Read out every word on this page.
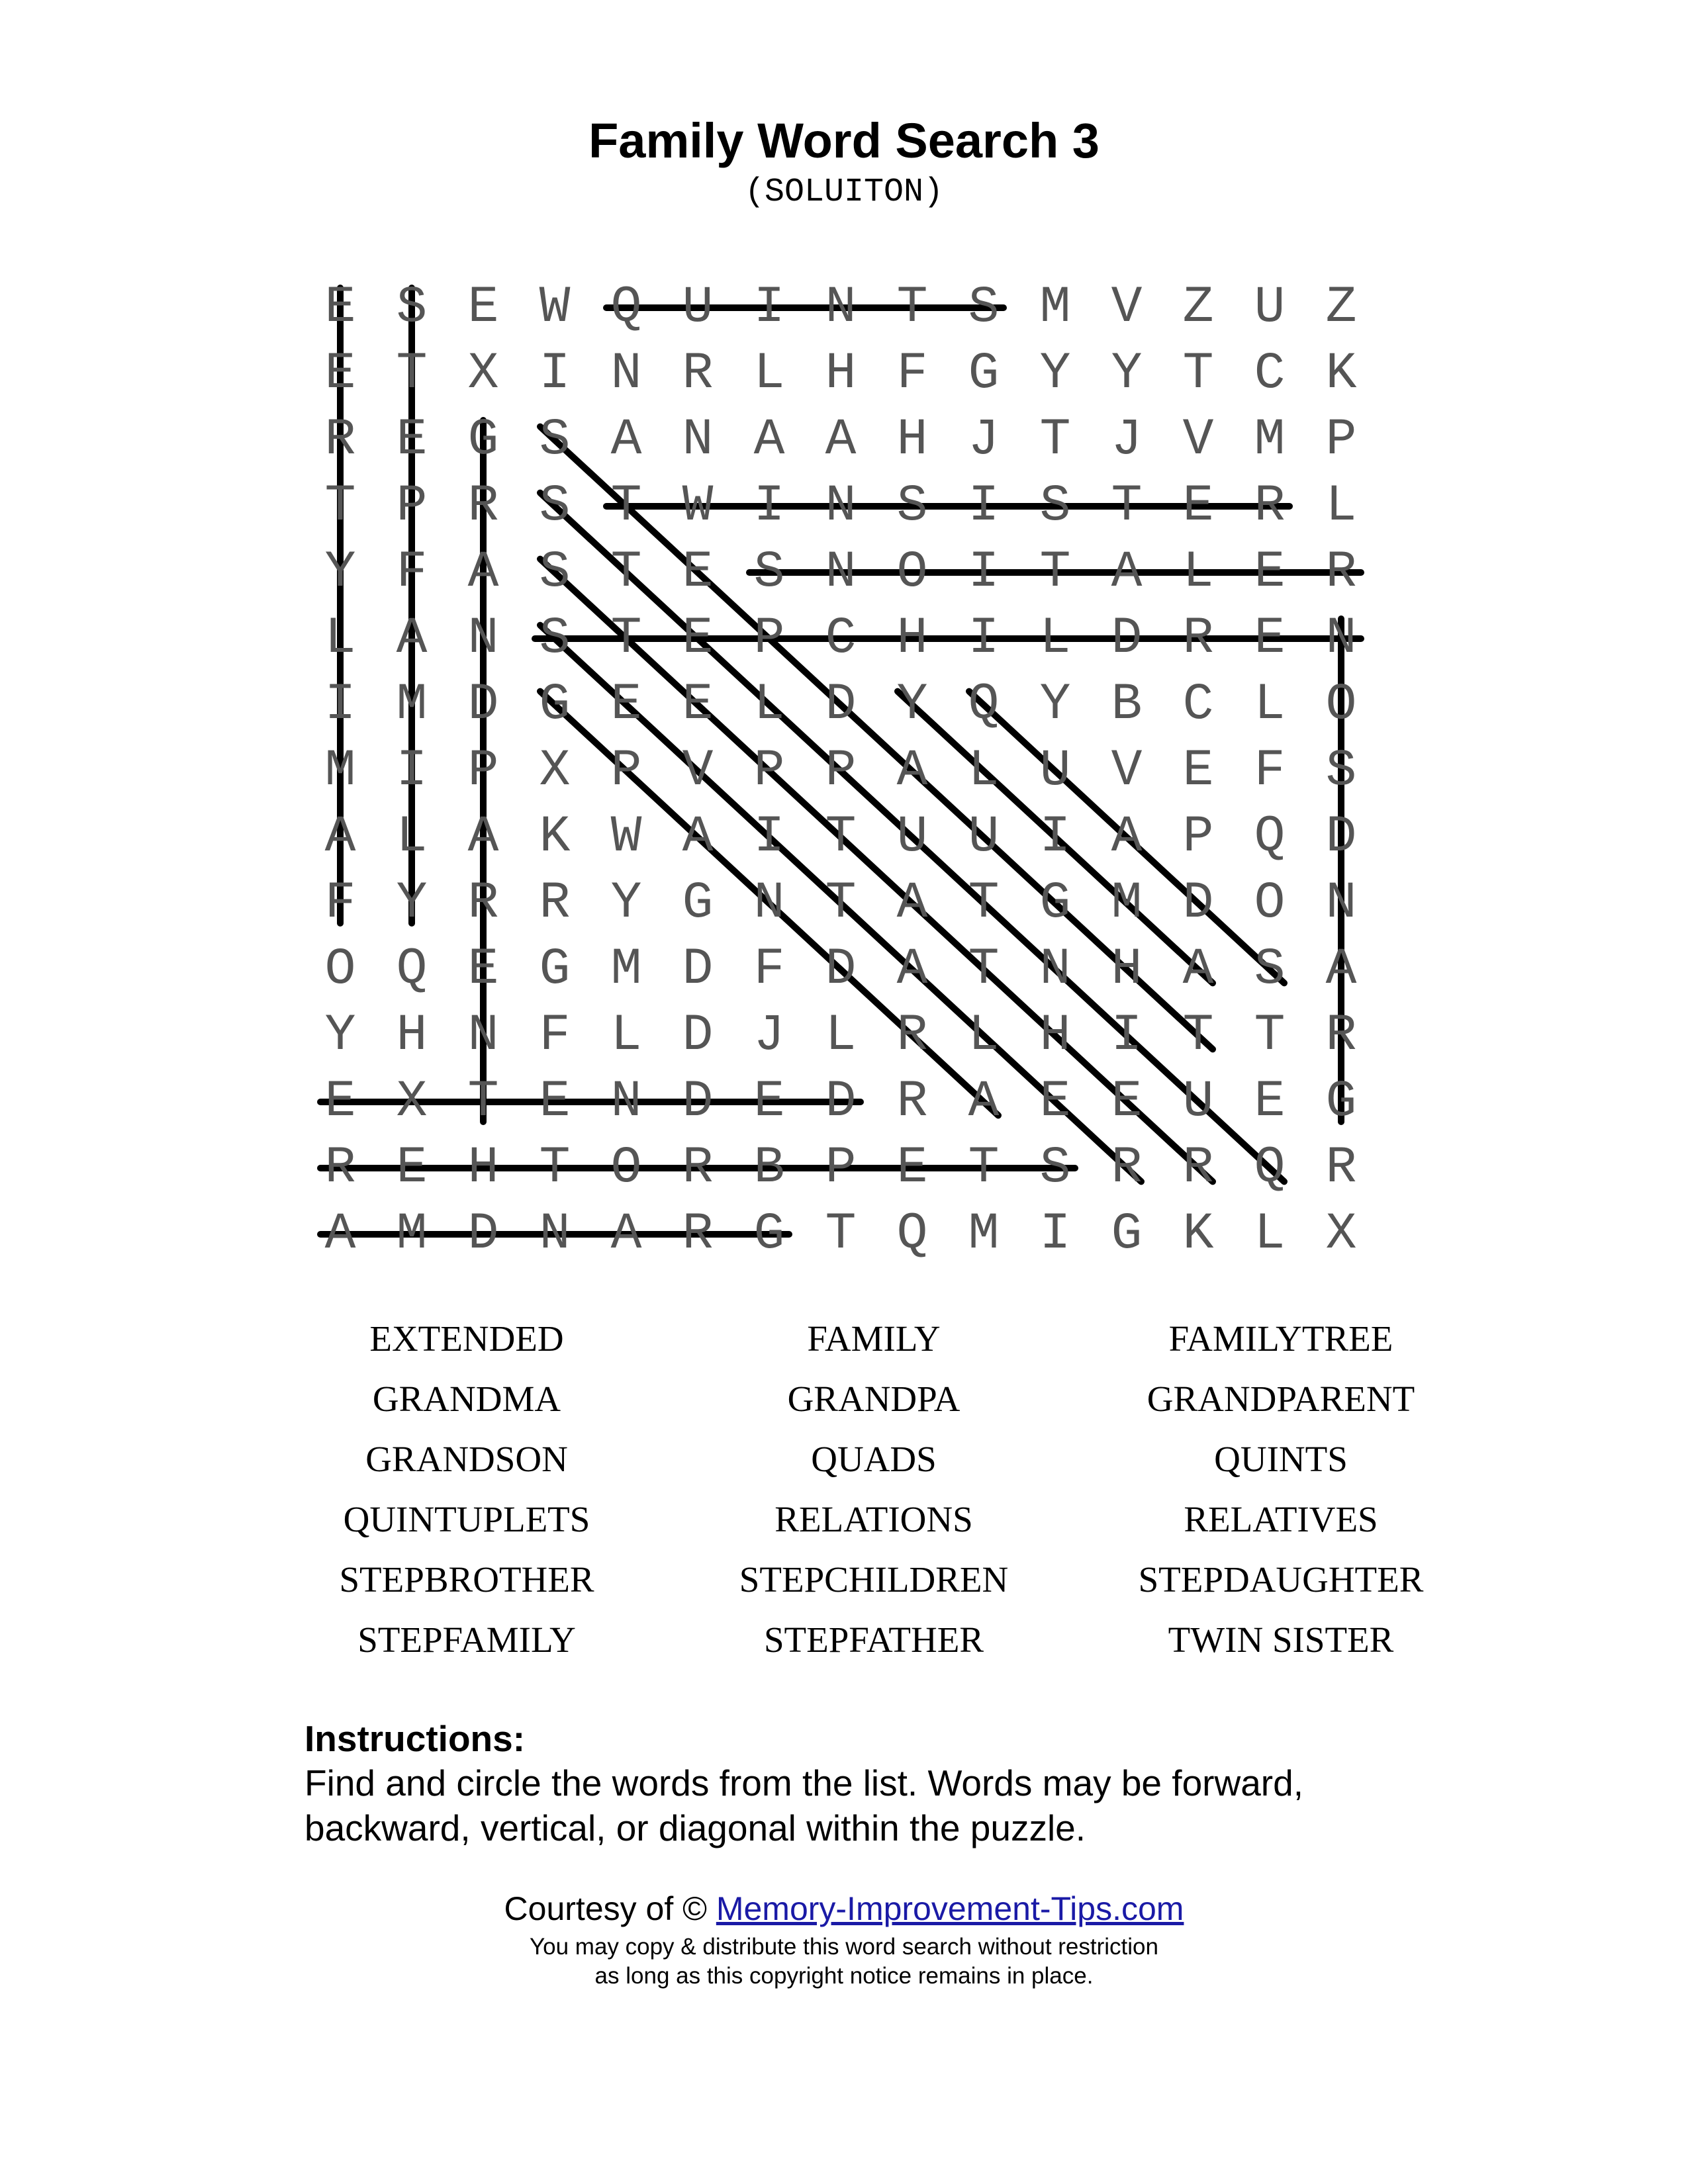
Family Word Search 3
(SOLUITON)
E S E W Q U I N T S M V Z U Z
E T X I N R L H F G Y Y T C K
R E G S A N A A H J T J V M P
T P R S T W I N S I S T E R L
Y F A S T E S N O I T A L E R
L A N S T E P C H I L D R E N
I M D G E E L D Y Q Y B C L O
M I P X P V P P A L U V E F S
A L A K W A I T U U I A P Q D
F Y R R Y G N T A T G M D O N
O Q E G M D F D A T N H A S A
Y H N F L D J L R L H I T T R
E X T E N D E D R A E E U E G
R E H T O R B P E T S R R Q R
A M D N A R G T Q M I G K L X
EXTENDED	FAMILY	FAMILYTREE
GRANDMA	GRANDPA	GRANDPARENT
GRANDSON	QUADS	QUINTS
QUINTUPLETS	RELATIONS	RELATIVES
STEPBROTHER	STEPCHILDREN	STEPDAUGHTER
STEPFAMILY	STEPFATHER	TWIN SISTER
Instructions:
Find and circle the words from the list. Words may be forward, backward, vertical, or diagonal within the puzzle.
Courtesy of © Memory-Improvement-Tips.com
You may copy & distribute this word search without restriction
as long as this copyright notice remains in place.
